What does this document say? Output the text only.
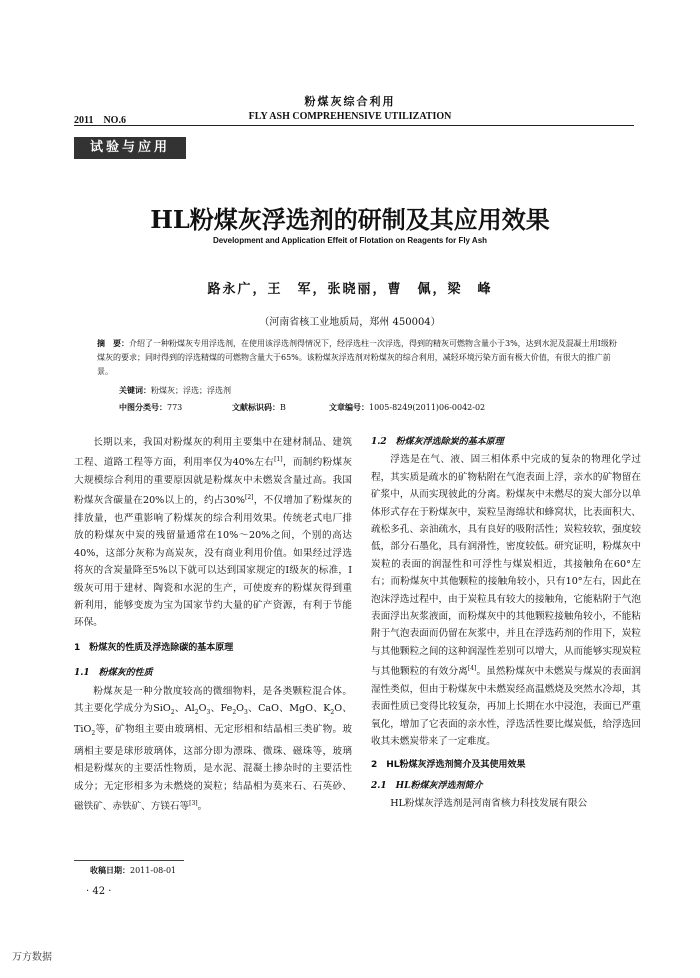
粉煤灰综合利用
2011　NO.6	FLY ASH COMPREHENSIVE UTILIZATION
试验与应用
HL粉煤灰浮选剂的研制及其应用效果
Development and Application Effeit of Flotation on Reagents for Fly Ash
路永广，王　军，张晓丽，曹　佩，梁　峰
（河南省核工业地质局，郑州 450004）
摘　要：介绍了一种粉煤灰专用浮选剂，在使用该浮选剂得情况下，经浮选柱一次浮选，得到的精灰可燃物含量小于3%，达到水泥及混凝土用Ⅰ级粉煤灰的要求；同时得到的浮选精煤的可燃物含量大于65%。该粉煤灰浮选剂对粉煤灰的综合利用，减轻环境污染方面有极大价值，有很大的推广前景。
关键词：粉煤灰；浮选；浮选剂
中图分类号：773	文献标识码：B	文章编号：1005-8249(2011)06-0042-02

长期以来，我国对粉煤灰的利用主要集中在建材制品、建筑工程、道路工程等方面，利用率仅为40%左右[1]，而制约粉煤灰大规模综合利用的重要原因就是粉煤灰中未燃炭含量过高。我国粉煤灰含碳量在20%以上的，约占30%[2]，不仅增加了粉煤灰的排放量，也严重影响了粉煤灰的综合利用效果。传统老式电厂排放的粉煤灰中炭的残留量通常在10%～20%之间，个别的高达40%，这部分灰称为高炭灰，没有商业利用价值。如果经过浮选将灰的含炭量降至5%以下就可以达到国家规定的Ⅰ级灰的标准，Ⅰ级灰可用于建材、陶瓷和水泥的生产，可使废弃的粉煤灰得到重新利用，能够变废为宝为国家节约大量的矿产资源，有利于节能环保。

1　粉煤灰的性质及浮选除碳的基本原理

1.1　粉煤灰的性质

粉煤灰是一种分散度较高的微细物料，是各类颗粒混合体。其主要化学成分为SiO$_2$、$Al_2O_3$、$Fe_2O_3$、CaO、MgO、$K_2O$、TiO$_2$等，矿物组主要由玻璃相、无定形相和结晶相三类矿物。玻璃相主要是球形玻璃体，这部分即为漂珠、微珠、磁珠等，玻璃相是粉煤灰的主要活性物质，是水泥、混凝土掺杂时的主要活性成分；无定形相多为未燃烧的炭粒；结晶相为莫来石、石英砂、磁铁矿、赤铁矿、方镁石等[3]。

1.2　粉煤灰浮选除炭的基本原理

浮选是在气、液、固三相体系中完成的复杂的物理化学过程，其实质是疏水的矿物粘附在气泡表面上浮，亲水的矿物留在矿浆中，从而实现彼此的分离。粉煤灰中未燃尽的炭大部分以单体形式存在于粉煤灰中，炭粒呈海绵状和蜂窝状，比表面积大、疏松多孔、亲油疏水，具有良好的吸附活性；炭粒较软，强度较低，部分石墨化，具有润滑性，密度较低。研究证明，粉煤灰中炭粒的表面的润湿性和可浮性与煤炭相近，其接触角在60°左右；而粉煤灰中其他颗粒的接触角较小，只有10°左右，因此在泡沫浮选过程中，由于炭粒具有较大的接触角，它能粘附于气泡表面浮出灰浆液面，而粉煤灰中的其他颗粒接触角较小，不能粘附于气泡表面而仍留在灰浆中，并且在浮选药剂的作用下，炭粒与其他颗粒之间的这种润湿性差别可以增大，从而能够实现炭粒与其他颗粒的有效分离[4]。虽然粉煤灰中未燃炭与煤炭的表面润湿性类似，但由于粉煤灰中未燃炭经高温燃烧及突然水冷却，其表面性质已变得比较复杂，再加上长期在水中浸泡，表面已严重氧化，增加了它表面的亲水性，浮选活性要比煤炭低，给浮选回收其未燃炭带来了一定难度。

2　HL粉煤灰浮选剂简介及其使用效果

2.1　HL粉煤灰浮选剂简介

HL粉煤灰浮选剂是河南省核力科技发展有限公

收稿日期：2011-08-01
· 42 ·
万方数据
